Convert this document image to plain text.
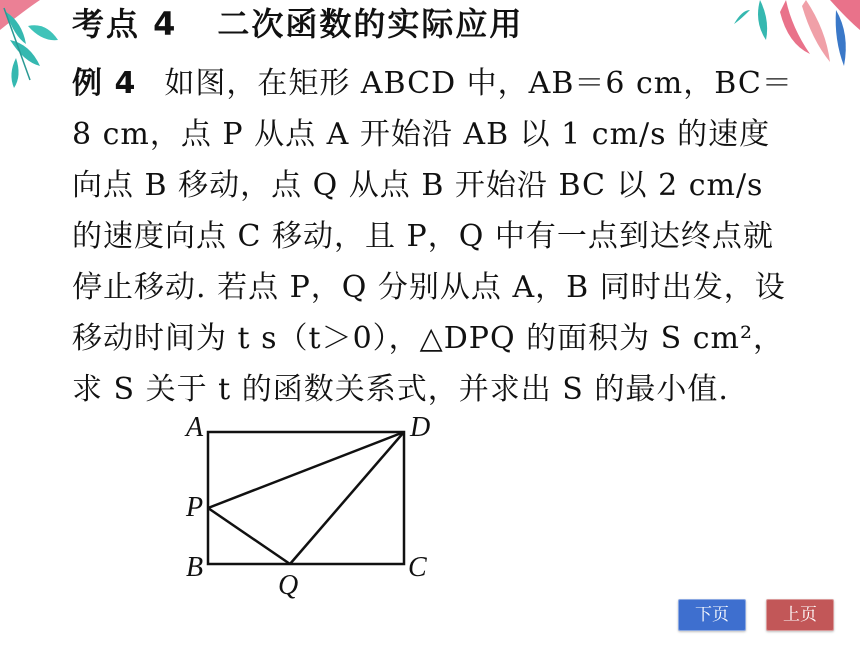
考点 4 二次函数的实际应用
例 4 如图，在矩形 ABCD 中，AB＝6 cm，BC＝
8 cm，点 P 从点 A 开始沿 AB 以 1 cm/s 的速度
向点 B 移动，点 Q 从点 B 开始沿 BC 以 2 cm/s
的速度向点 C 移动，且 P，Q 中有一点到达终点就
停止移动. 若点 P，Q 分别从点 A，B 同时出发，设
移动时间为 t s（t＞0），△DPQ 的面积为 S cm²，
求 S 关于 t 的函数关系式，并求出 S 的最小值.
A	D
P
B	C
Q
下页	上页
